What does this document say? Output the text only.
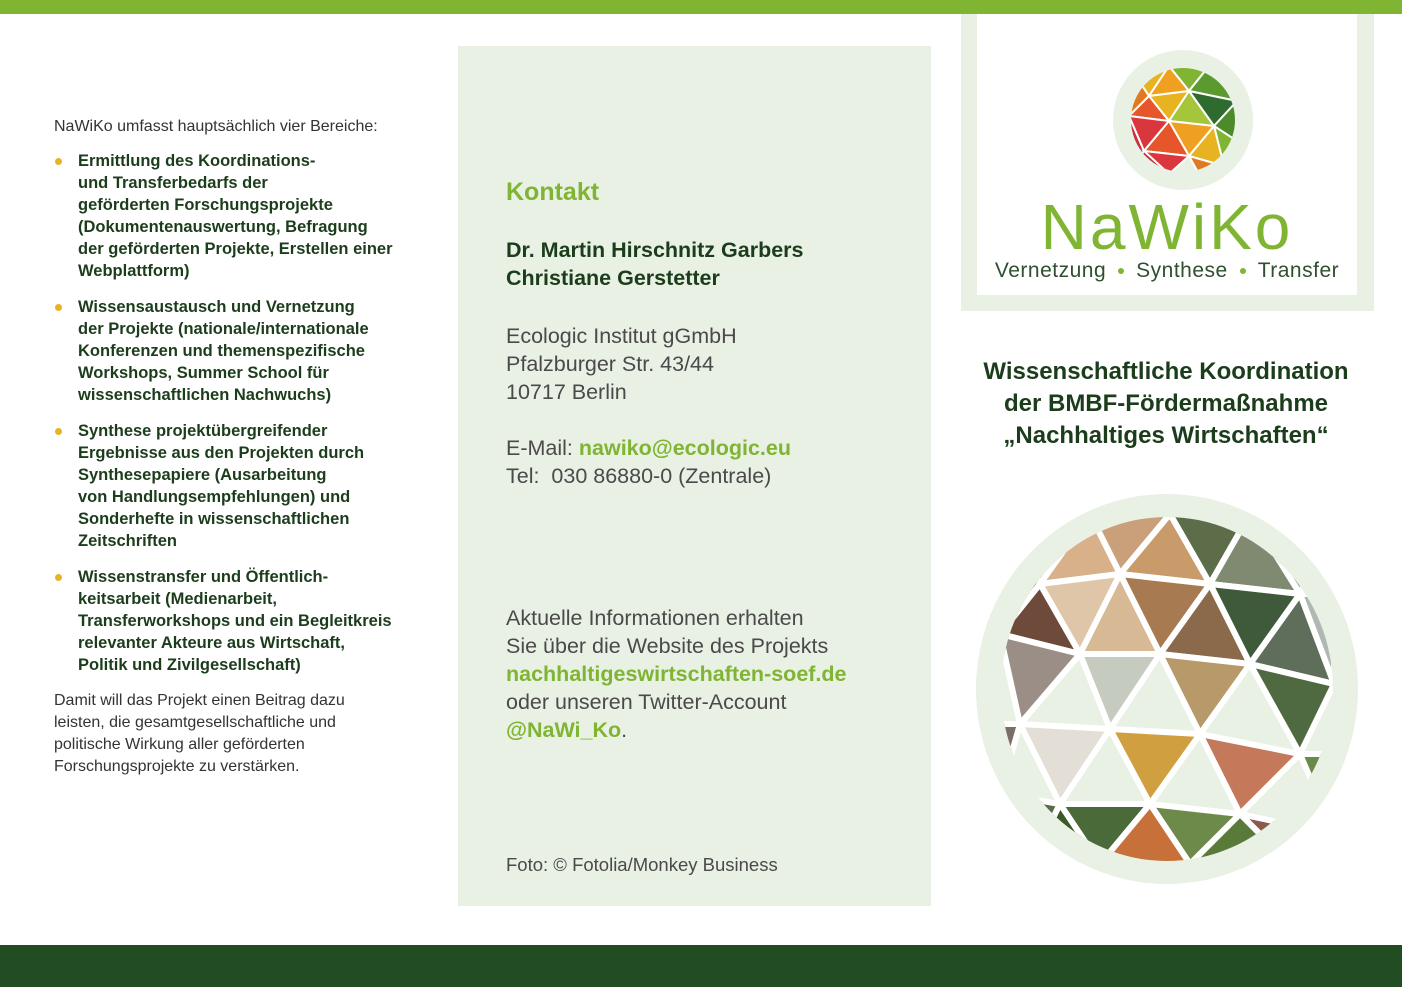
NaWiKo umfasst hauptsächlich vier Bereiche:

Ermittlung des Koordinations-
und Transferbedarfs der
geförderten Forschungsprojekte
(Dokumentenauswertung, Befragung
der geförderten Projekte, Erstellen einer
Webplattform)
Wissensaustausch und Vernetzung
der Projekte (nationale/internationale
Konferenzen und themenspezifische
Workshops, Summer School für
wissenschaftlichen Nachwuchs)
Synthese projektübergreifender
Ergebnisse aus den Projekten durch
Synthesepapiere (Ausarbeitung
von Handlungsempfehlungen) und
Sonderhefte in wissenschaftlichen
Zeitschriften
Wissenstransfer und Öffentlich-
keitsarbeit (Medienarbeit,
Transferworkshops und ein Begleitkreis
relevanter Akteure aus Wirtschaft,
Politik und Zivilgesellschaft)

Damit will das Projekt einen Beitrag dazu
leisten, die gesamtgesellschaftliche und
politische Wirkung aller geförderten
Forschungsprojekte zu verstärken.

Kontakt
Dr. Martin Hirschnitz Garbers
Christiane Gerstetter
Ecologic Institut gGmbH
Pfalzburger Str. 43/44
10717 Berlin
E-Mail: nawiko@ecologic.eu
Tel:  030 86880-0 (Zentrale)
Aktuelle Informationen erhalten
Sie über die Website des Projekts
nachhaltigeswirtschaften-soef.de
oder unseren Twitter-Account
@NaWi_Ko.
Foto: © Fotolia/Monkey Business
NaWiKo
Vernetzung Synthese Transfer
Wissenschaftliche Koordination
der BMBF-Fördermaßnahme
„Nachhaltiges Wirtschaften“
